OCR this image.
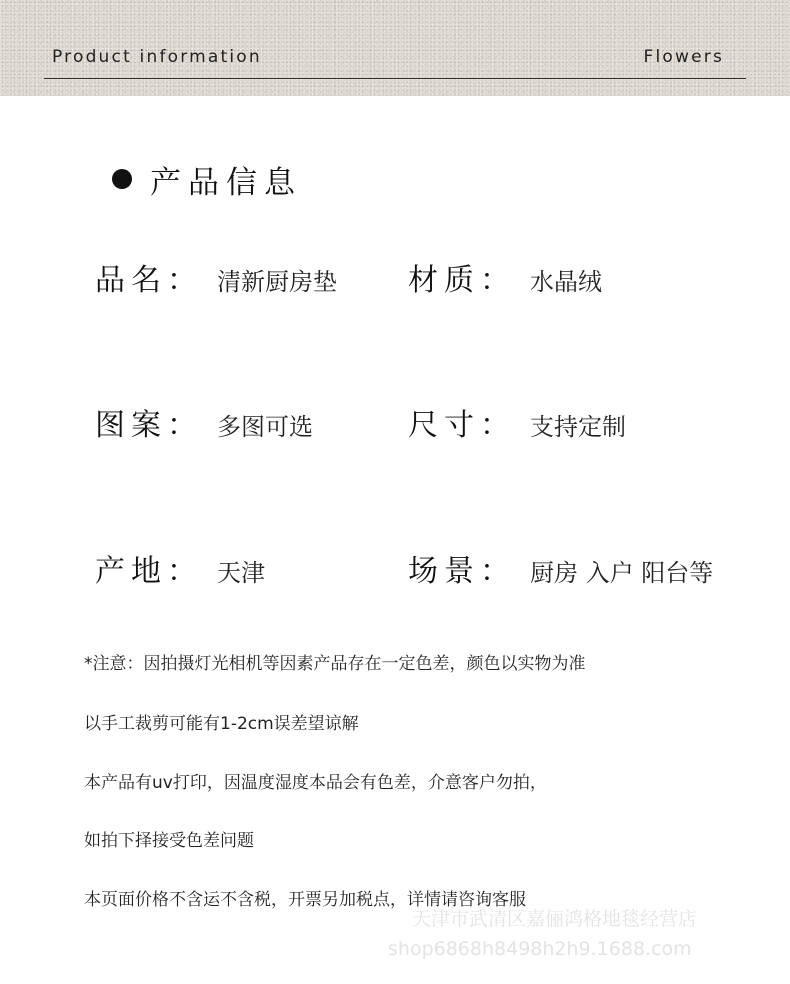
Product information	Flowers
产品信息
品名： 清新厨房垫 材质： 水晶绒
图案： 多图可选	尺寸： 支持定制
产地： 天津	场景： 厨房 入户 阳台等
*注意：因拍摄灯光相机等因素产品存在一定色差，颜色以实物为准
以手工裁剪可能有1-2cm误差望谅解
本产品有uv打印，因温度湿度本品会有色差，介意客户勿拍，
如拍下择接受色差问题
本页面价格不含运不含税，开票另加税点，详情请咨询客服
天津市武清区嘉俪鸿格地毯经营店
shop6868h8498h2h9.1688.com
